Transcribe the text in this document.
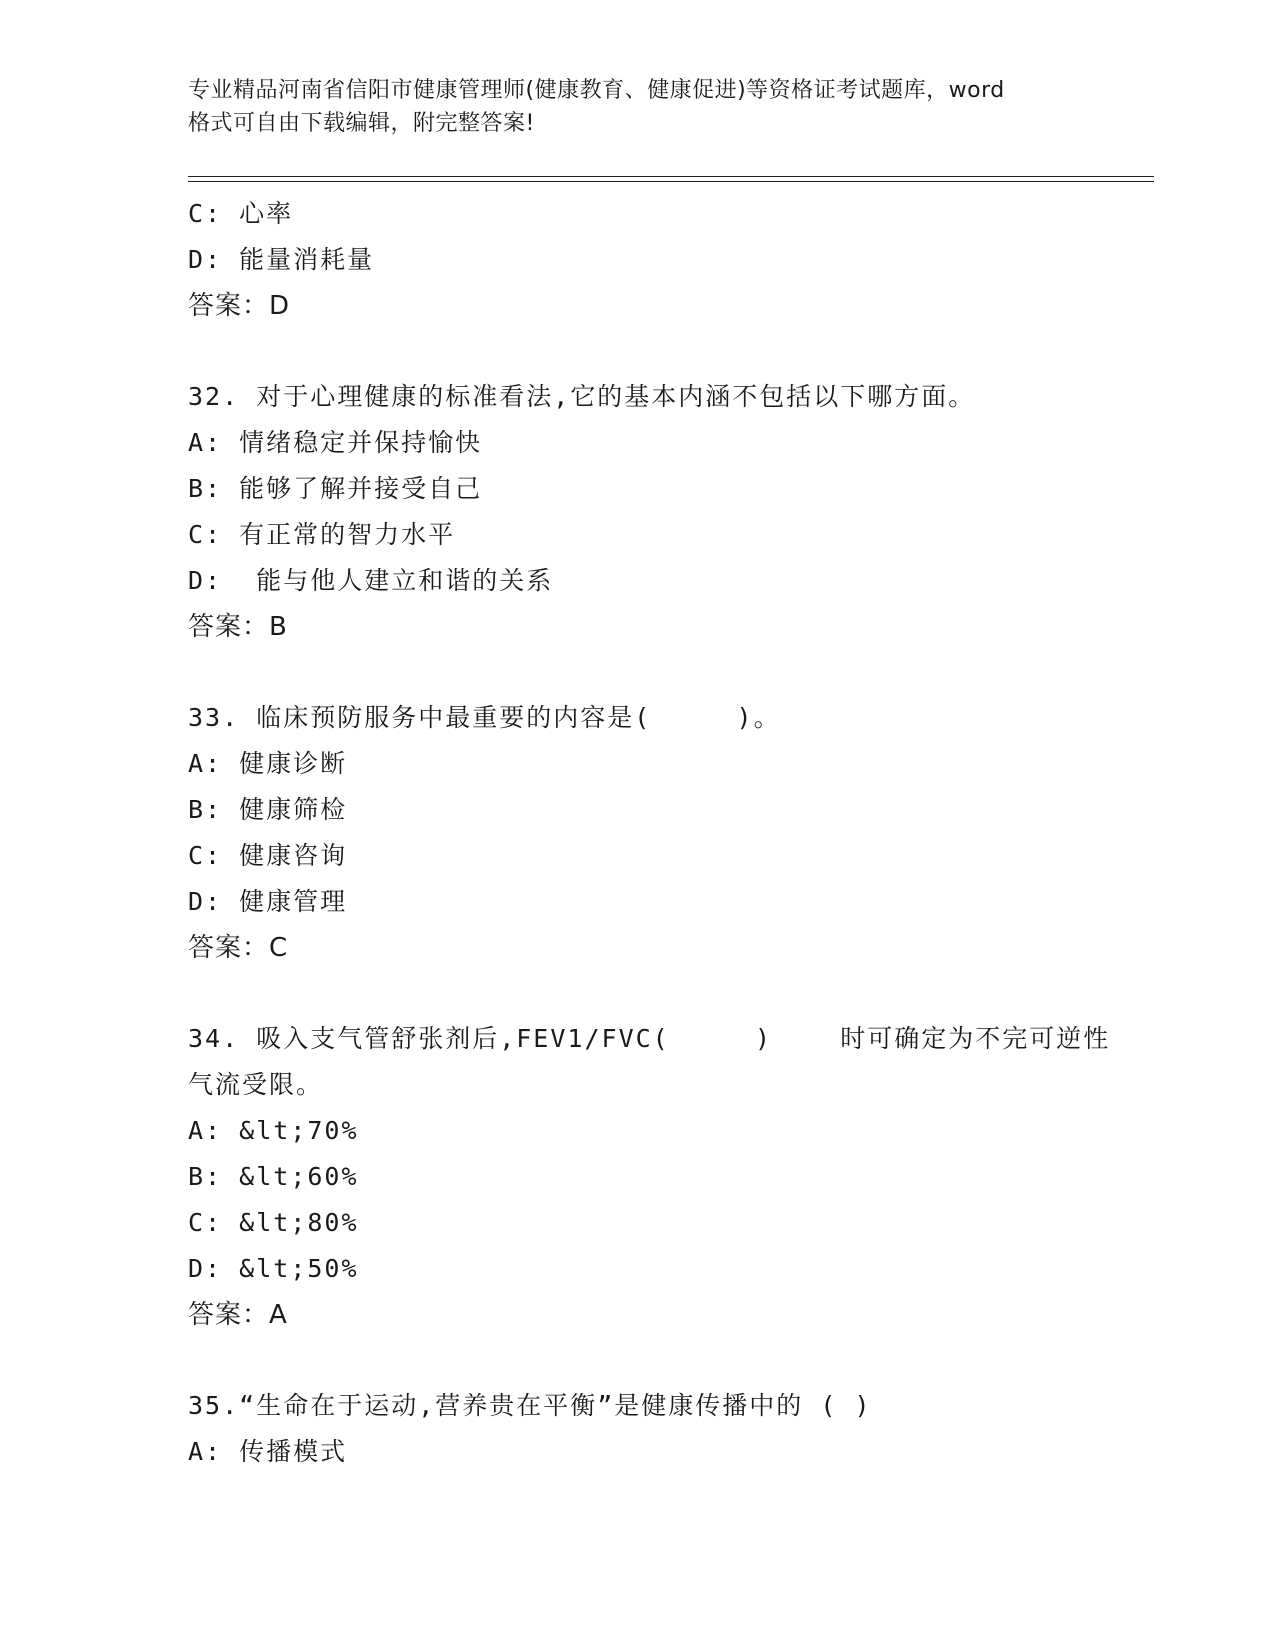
专业精品河南省信阳市健康管理师(健康教育、健康促进)等资格证考试题库，word
格式可自由下载编辑，附完整答案!
C: 心率
D: 能量消耗量
答案：D
32. 对于心理健康的标准看法,它的基本内涵不包括以下哪方面。
A: 情绪稳定并保持愉快
B: 能够了解并接受自己
C: 有正常的智力水平
D:  能与他人建立和谐的关系
答案：B
33. 临床预防服务中最重要的内容是(     )。
A: 健康诊断
B: 健康筛检
C: 健康咨询
D: 健康管理
答案：C
34. 吸入支气管舒张剂后,FEV1/FVC(     )    时可确定为不完可逆性
气流受限。
A: &lt;70%
B: &lt;60%
C: &lt;80%
D: &lt;50%
答案：A
35.“生命在于运动,营养贵在平衡”是健康传播中的 ( )
A: 传播模式
